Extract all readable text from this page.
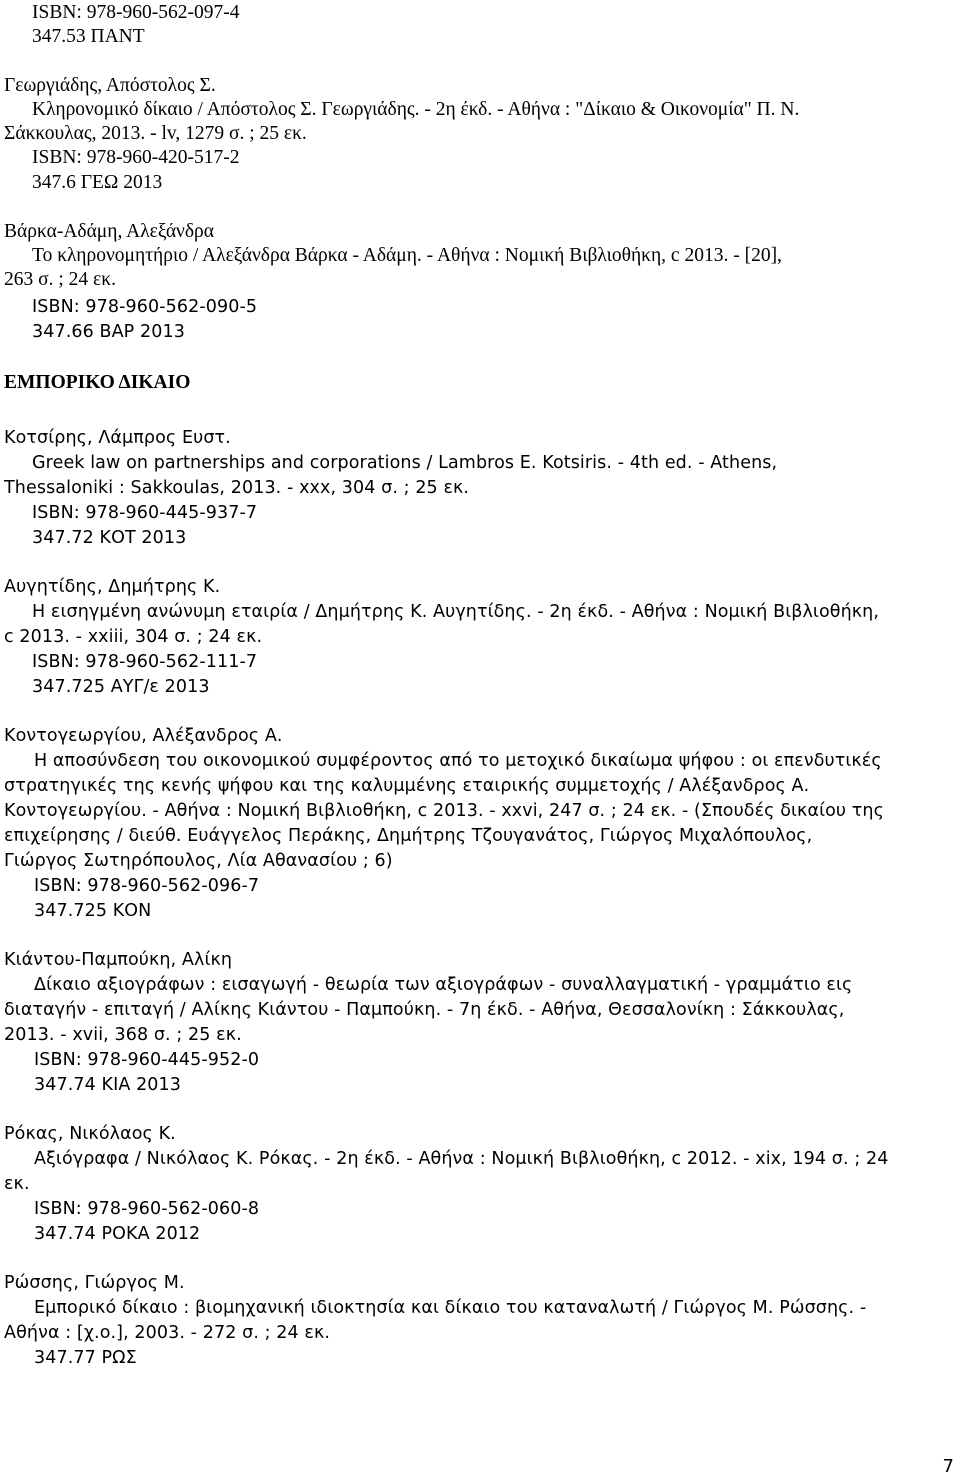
ISBN: 978-960-562-097-4
347.53 ΠΑΝΤ
Γεωργιάδης, Απόστολος Σ.
Κληρονομικό δίκαιο / Απόστολος Σ. Γεωργιάδης. - 2η έκδ. - Αθήνα : "Δίκαιο & Οικονομία" Π. Ν.
Σάκκουλας, 2013. - lv, 1279 σ. ; 25 εκ.
ISBN: 978-960-420-517-2
347.6 ΓΕΩ 2013
Βάρκα-Αδάμη, Αλεξάνδρα
Το κληρονομητήριο / Αλεξάνδρα Βάρκα - Αδάμη. - Αθήνα : Νομική Βιβλιοθήκη, c 2013. - [20],
263 σ. ; 24 εκ.
ISBN: 978-960-562-090-5
347.66 ΒΑΡ 2013
ΕΜΠΟΡΙΚΟ ΔΙΚΑΙΟ
Κοτσίρης, Λάμπρος Ευστ.
Greek law on partnerships and corporations / Lambros E. Kotsiris. - 4th ed. - Athens,
Thessaloniki : Sakkoulas, 2013. - xxx, 304 σ. ; 25 εκ.
ISBN: 978-960-445-937-7
347.72 ΚΟΤ 2013
Αυγητίδης, Δημήτρης Κ.
Η εισηγμένη ανώνυμη εταιρία / Δημήτρης Κ. Αυγητίδης. - 2η έκδ. - Αθήνα : Νομική Βιβλιοθήκη,
c 2013. - xxiii, 304 σ. ; 24 εκ.
ISBN: 978-960-562-111-7
347.725 ΑΥΓ/ε 2013
Κοντογεωργίου, Αλέξανδρος Α.
Η αποσύνδεση του οικονομικού συμφέροντος από το μετοχικό δικαίωμα ψήφου : οι επενδυτικές
στρατηγικές της κενής ψήφου και της καλυμμένης εταιρικής συμμετοχής / Αλέξανδρος Α.
Κοντογεωργίου. - Αθήνα : Νομική Βιβλιοθήκη, c 2013. - xxvi, 247 σ. ; 24 εκ. - (Σπουδές δικαίου της
επιχείρησης / διεύθ. Ευάγγελος Περάκης, Δημήτρης Τζουγανάτος, Γιώργος Μιχαλόπουλος,
Γιώργος Σωτηρόπουλος, Λία Αθανασίου ; 6)
ISBN: 978-960-562-096-7
347.725 ΚΟΝ
Κιάντου-Παμπούκη, Αλίκη
Δίκαιο αξιογράφων : εισαγωγή - θεωρία των αξιογράφων - συναλλαγματική - γραμμάτιο εις
διαταγήν - επιταγή / Αλίκης Κιάντου - Παμπούκη. - 7η έκδ. - Αθήνα, Θεσσαλονίκη : Σάκκουλας,
2013. - xvii, 368 σ. ; 25 εκ.
ISBN: 978-960-445-952-0
347.74 ΚΙΑ 2013
Ρόκας, Νικόλαος Κ.
Αξιόγραφα / Νικόλαος Κ. Ρόκας. - 2η έκδ. - Αθήνα : Νομική Βιβλιοθήκη, c 2012. - xix, 194 σ. ; 24
εκ.
ISBN: 978-960-562-060-8
347.74 ΡΟΚΑ 2012
Ρώσσης, Γιώργος Μ.
Εμπορικό δίκαιο : βιομηχανική ιδιοκτησία και δίκαιο του καταναλωτή / Γιώργος Μ. Ρώσσης. -
Αθήνα : [χ.ο.], 2003. - 272 σ. ; 24 εκ.
347.77 ΡΩΣ
7
